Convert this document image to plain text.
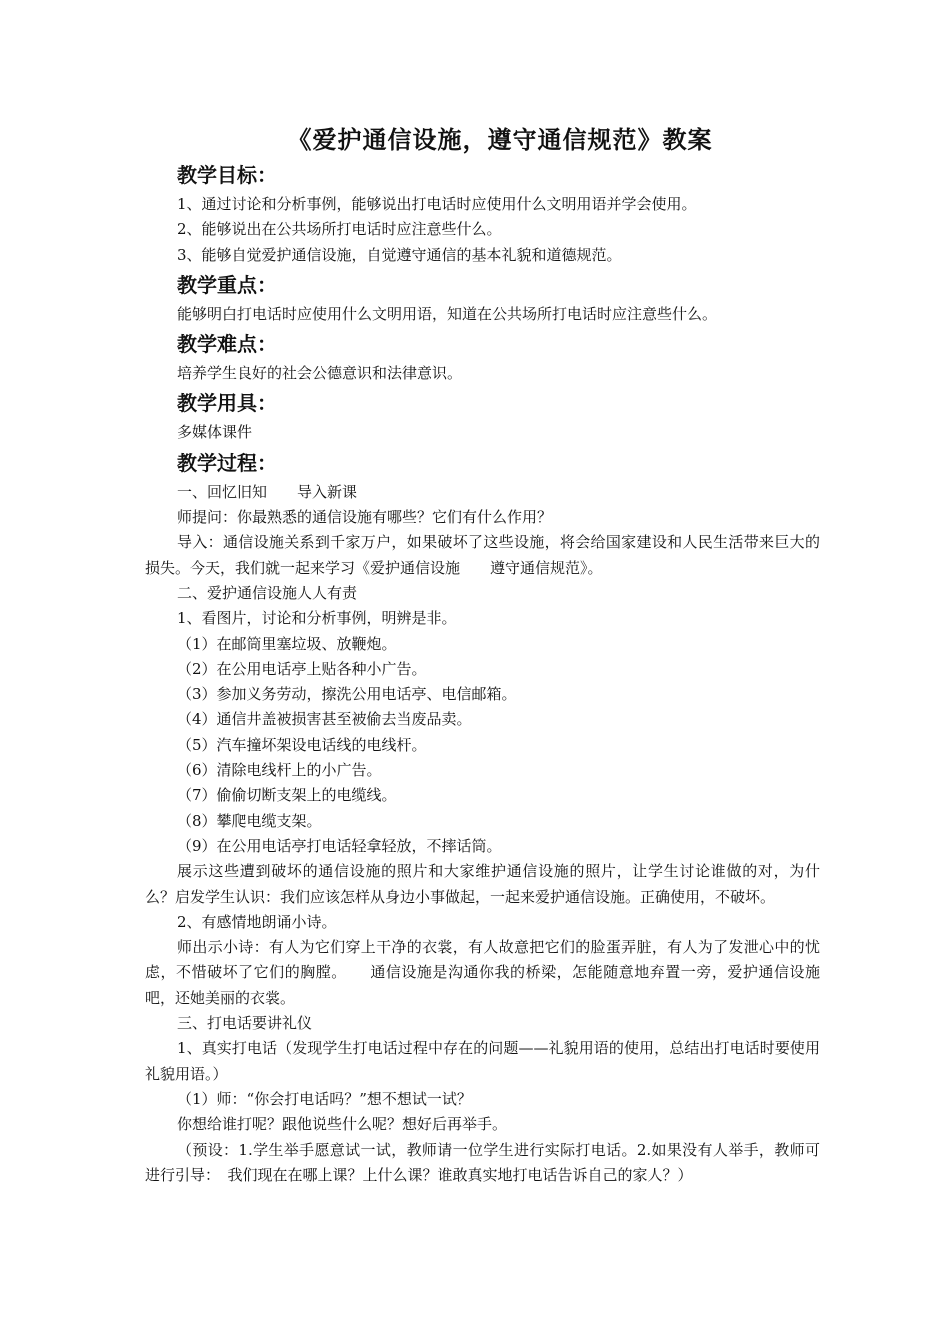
《爱护通信设施，遵守通信规范》教案
教学目标：
1、通过讨论和分析事例，能够说出打电话时应使用什么文明用语并学会使用。
2、能够说出在公共场所打电话时应注意些什么。
3、能够自觉爱护通信设施，自觉遵守通信的基本礼貌和道德规范。
教学重点：
能够明白打电话时应使用什么文明用语，知道在公共场所打电话时应注意些什么。
教学难点：
培养学生良好的社会公德意识和法律意识。
教学用具：
多媒体课件
教学过程：
一、回忆旧知　　导入新课
师提问：你最熟悉的通信设施有哪些？它们有什么作用？
导入：通信设施关系到千家万户，如果破坏了这些设施，将会给国家建设和人民生活带来巨大的损失。今天，我们就一起来学习《爱护通信设施　　遵守通信规范》。
二、爱护通信设施人人有责
1、看图片，讨论和分析事例，明辨是非。
（1）在邮筒里塞垃圾、放鞭炮。
（2）在公用电话亭上贴各种小广告。
（3）参加义务劳动，擦洗公用电话亭、电信邮箱。
（4）通信井盖被损害甚至被偷去当废品卖。
（5）汽车撞坏架设电话线的电线杆。
（6）清除电线杆上的小广告。
（7）偷偷切断支架上的电缆线。
（8）攀爬电缆支架。
（9）在公用电话亭打电话轻拿轻放，不摔话筒。
展示这些遭到破坏的通信设施的照片和大家维护通信设施的照片，让学生讨论谁做的对，为什么？启发学生认识：我们应该怎样从身边小事做起，一起来爱护通信设施。正确使用，不破坏。
2、有感情地朗诵小诗。
师出示小诗：有人为它们穿上干净的衣裳，有人故意把它们的脸蛋弄脏，有人为了发泄心中的忧虑，不惜破坏了它们的胸膛。　　通信设施是沟通你我的桥梁，怎能随意地弃置一旁，爱护通信设施吧，还她美丽的衣裳。
三、打电话要讲礼仪
1、真实打电话（发现学生打电话过程中存在的问题——礼貌用语的使用，总结出打电话时要使用礼貌用语。）
（1）师：“你会打电话吗？”想不想试一试？
你想给谁打呢？跟他说些什么呢？想好后再举手。
（预设：1.学生举手愿意试一试，教师请一位学生进行实际打电话。2.如果没有人举手，教师可进行引导：　我们现在在哪上课？上什么课？谁敢真实地打电话告诉自己的家人？）
